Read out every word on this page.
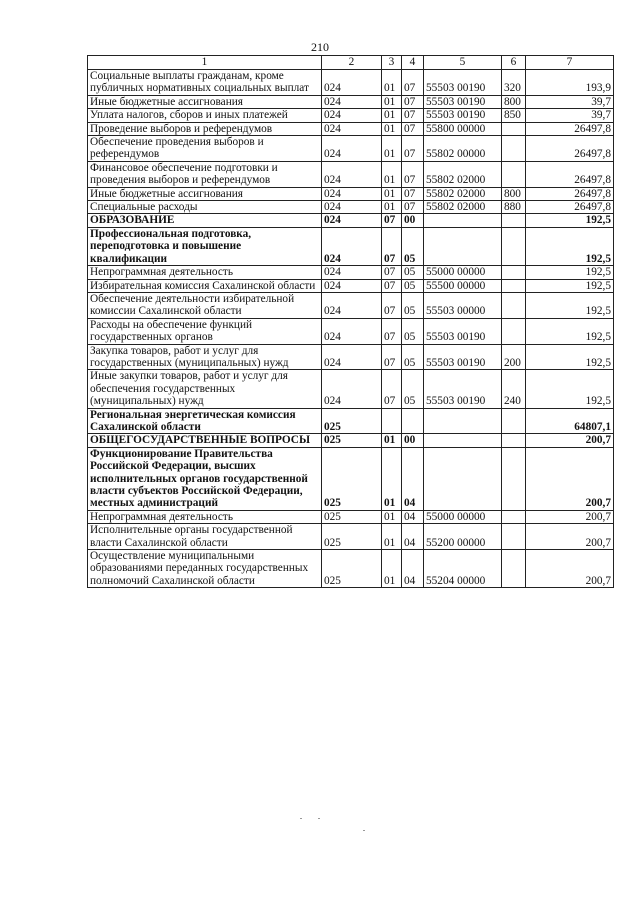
210
1	2	3	4	5	6	7
Социальные выплаты гражданам, кроме публичных нормативных социальных выплат	024	01	07	55503 00190	320	193,9
Иные бюджетные ассигнования	024	01	07	55503 00190	800	39,7
Уплата налогов, сборов и иных платежей	024	01	07	55503 00190	850	39,7
Проведение выборов и референдумов	024	01	07	55800 00000		26497,8
Обеспечение проведения выборов и референдумов	024	01	07	55802 00000		26497,8
Финансовое обеспечение подготовки и проведения выборов и референдумов	024	01	07	55802 02000		26497,8
Иные бюджетные ассигнования	024	01	07	55802 02000	800	26497,8
Специальные расходы	024	01	07	55802 02000	880	26497,8
ОБРАЗОВАНИЕ	024	07	00			192,5
Профессиональная подготовка, переподготовка и повышение квалификации	024	07	05			192,5
Непрограммная деятельность	024	07	05	55000 00000		192,5
Избирательная комиссия Сахалинской области	024	07	05	55500 00000		192,5
Обеспечение деятельности избирательной комиссии Сахалинской области	024	07	05	55503 00000		192,5
Расходы на обеспечение функций государственных органов	024	07	05	55503 00190		192,5
Закупка товаров, работ и услуг для государственных (муниципальных) нужд	024	07	05	55503 00190	200	192,5
Иные закупки товаров, работ и услуг для обеспечения государственных (муниципальных) нужд	024	07	05	55503 00190	240	192,5
Региональная энергетическая комиссия Сахалинской области	025					64807,1
ОБЩЕГОСУДАРСТВЕННЫЕ ВОПРОСЫ	025	01	00			200,7
Функционирование Правительства Российской Федерации, высших исполнительных органов государственной власти субъектов Российской Федерации, местных администраций	025	01	04			200,7
Непрограммная деятельность	025	01	04	55000 00000		200,7
Исполнительные органы государственной власти Сахалинской области	025	01	04	55200 00000		200,7
Осуществление муниципальными образованиями переданных государственных полномочий Сахалинской области	025	01	04	55204 00000		200,7
